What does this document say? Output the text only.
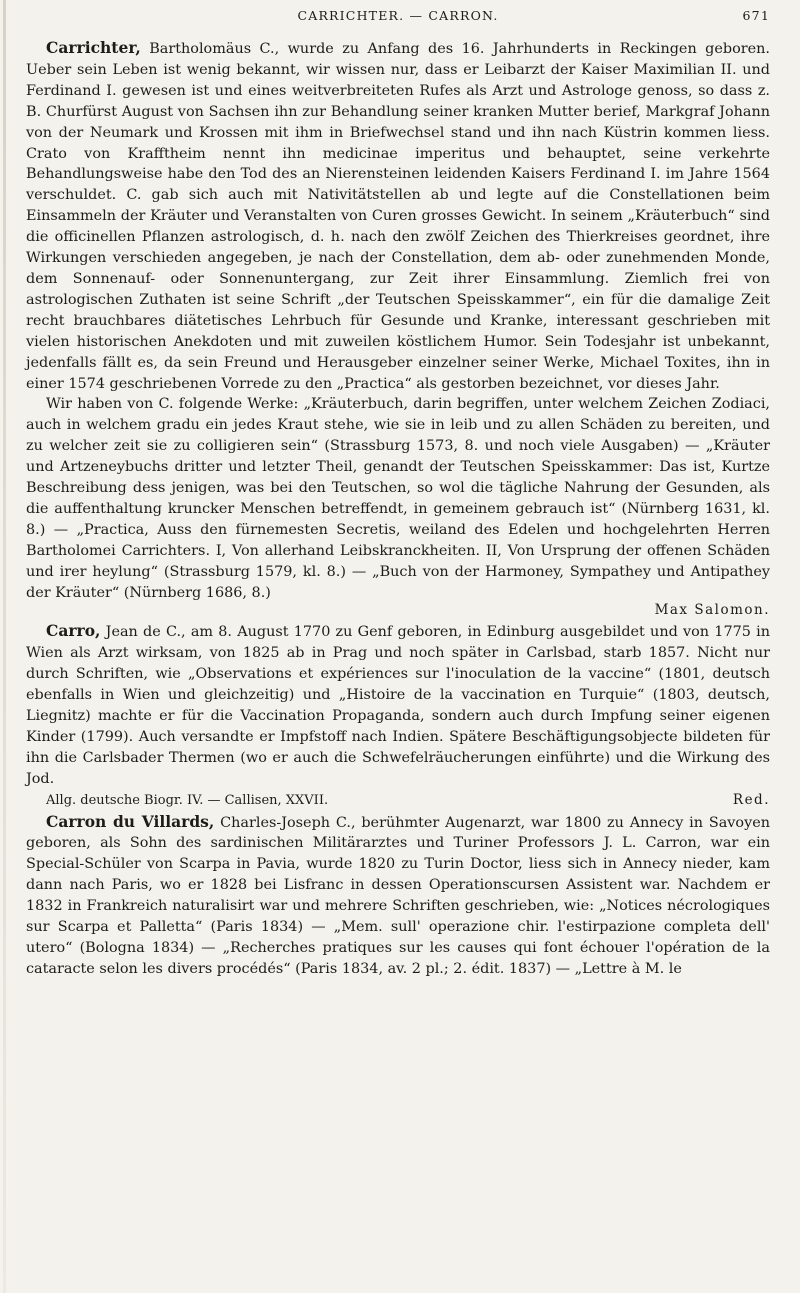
CARRICHTER. — CARRON.	671

Carrichter, Bartholomäus C., wurde zu Anfang des 16. Jahrhunderts in Reckingen geboren. Ueber sein Leben ist wenig bekannt, wir wissen nur, dass er Leibarzt der Kaiser Maximilian II. und Ferdinand I. gewesen ist und eines weitverbreiteten Rufes als Arzt und Astrologe genoss, so dass z. B. Churfürst August von Sachsen ihn zur Behandlung seiner kranken Mutter berief, Markgraf Johann von der Neumark und Krossen mit ihm in Briefwechsel stand und ihn nach Küstrin kommen liess. Crato von Krafftheim nennt ihn medicinae imperitus und behauptet, seine verkehrte Behandlungsweise habe den Tod des an Nierensteinen leidenden Kaisers Ferdinand I. im Jahre 1564 verschuldet. C. gab sich auch mit Nativitätstellen ab und legte auf die Constellationen beim Einsammeln der Kräuter und Veranstalten von Curen grosses Gewicht. In seinem „Kräuterbuch“ sind die officinellen Pflanzen astrologisch, d. h. nach den zwölf Zeichen des Thierkreises geordnet, ihre Wirkungen verschieden angegeben, je nach der Constellation, dem ab- oder zunehmenden Monde, dem Sonnenauf- oder Sonnenuntergang, zur Zeit ihrer Einsammlung. Ziemlich frei von astrologischen Zuthaten ist seine Schrift „der Teutschen Speisskammer“, ein für die damalige Zeit recht brauchbares diätetisches Lehrbuch für Gesunde und Kranke, interessant geschrieben mit vielen historischen Anekdoten und mit zuweilen köstlichem Humor. Sein Todesjahr ist unbekannt, jedenfalls fällt es, da sein Freund und Herausgeber einzelner seiner Werke, Michael Toxites, ihn in einer 1574 geschriebenen Vorrede zu den „Practica“ als gestorben bezeichnet, vor dieses Jahr.

Wir haben von C. folgende Werke: „Kräuterbuch, darin begriffen, unter welchem Zeichen Zodiaci, auch in welchem gradu ein jedes Kraut stehe, wie sie in leib und zu allen Schäden zu bereiten, und zu welcher zeit sie zu colligieren sein“ (Strassburg 1573, 8. und noch viele Ausgaben) — „Kräuter und Artzeneybuchs dritter und letzter Theil, genandt der Teutschen Speisskammer: Das ist, Kurtze Beschreibung dess jenigen, was bei den Teutschen, so wol die tägliche Nahrung der Gesunden, als die auffenthaltung kruncker Menschen betreffendt, in gemeinem gebrauch ist“ (Nürnberg 1631, kl. 8.) — „Practica, Auss den fürnemesten Secretis, weiland des Edelen und hochgelehrten Herren Bartholomei Carrichters. I, Von allerhand Leibskranckheiten. II, Von Ursprung der offenen Schäden und irer heylung“ (Strassburg 1579, kl. 8.) — „Buch von der Harmoney, Sympathey und Antipathey der Kräuter“ (Nürnberg 1686, 8.)

Max Salomon.

Carro, Jean de C., am 8. August 1770 zu Genf geboren, in Edinburg ausgebildet und von 1775 in Wien als Arzt wirksam, von 1825 ab in Prag und noch später in Carlsbad, starb 1857. Nicht nur durch Schriften, wie „Observations et expériences sur l'inoculation de la vaccine“ (1801, deutsch ebenfalls in Wien und gleichzeitig) und „Histoire de la vaccination en Turquie“ (1803, deutsch, Liegnitz) machte er für die Vaccination Propaganda, sondern auch durch Impfung seiner eigenen Kinder (1799). Auch versandte er Impfstoff nach Indien. Spätere Beschäftigungsobjecte bildeten für ihn die Carlsbader Thermen (wo er auch die Schwefelräucherungen einführte) und die Wirkung des Jod.

Allg. deutsche Biogr. IV. — Callisen, XXVII.	Red.

Carron du Villards, Charles-Joseph C., berühmter Augenarzt, war 1800 zu Annecy in Savoyen geboren, als Sohn des sardinischen Militärarztes und Turiner Professors J. L. Carron, war ein Special-Schüler von Scarpa in Pavia, wurde 1820 zu Turin Doctor, liess sich in Annecy nieder, kam dann nach Paris, wo er 1828 bei Lisfranc in dessen Operationscursen Assistent war. Nachdem er 1832 in Frankreich naturalisirt war und mehrere Schriften geschrieben, wie: „Notices nécrologiques sur Scarpa et Palletta“ (Paris 1834) — „Mem. sull' operazione chir. l'estirpazione completa dell' utero“ (Bologna 1834) — „Recherches pratiques sur les causes qui font échouer l'opération de la cataracte selon les divers procédés“ (Paris 1834, av. 2 pl.; 2. édit. 1837) — „Lettre à M. le
